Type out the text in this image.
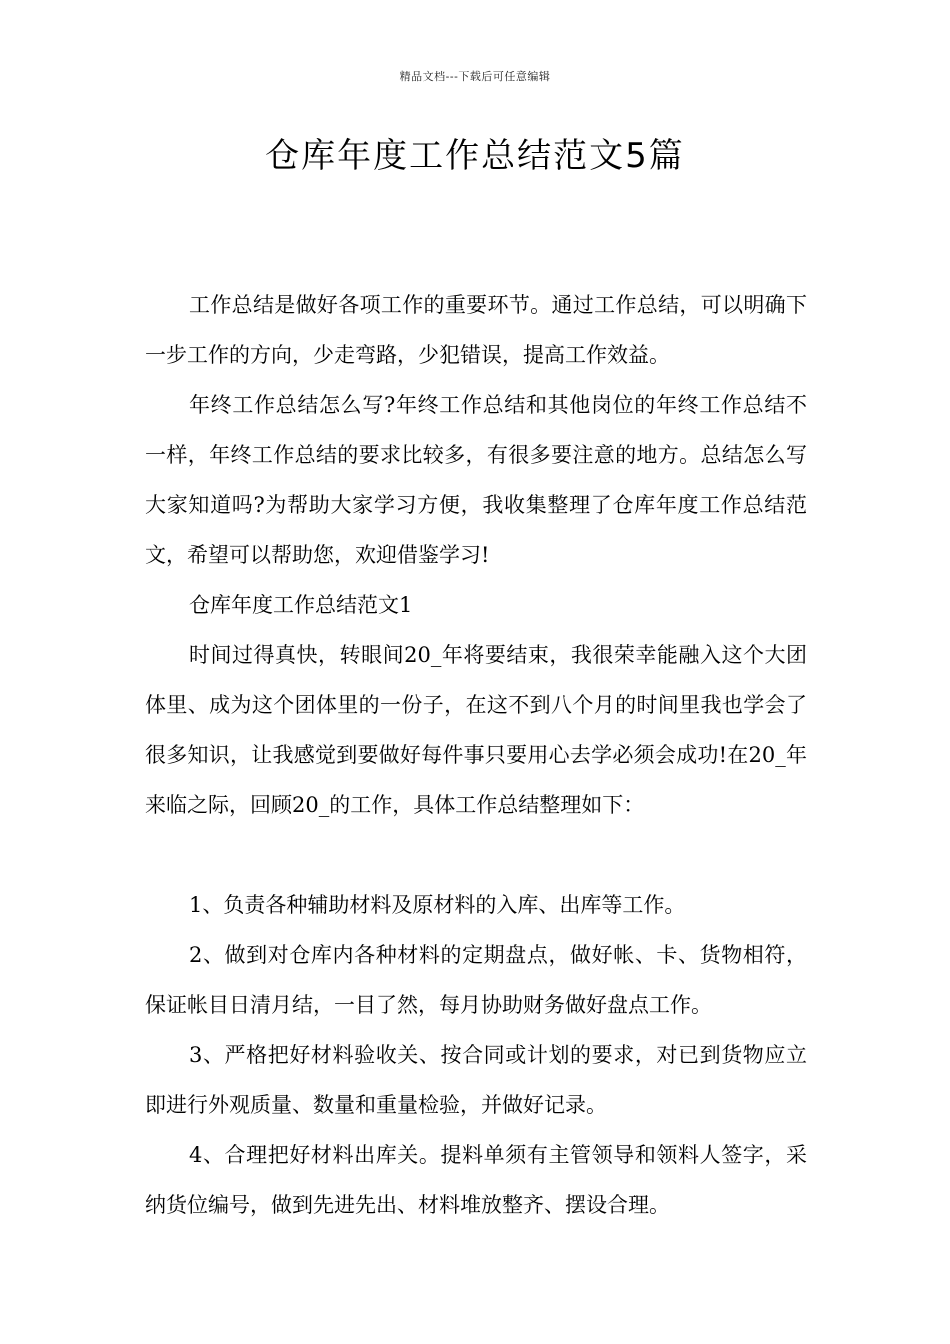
精品文档---下载后可任意编辑
仓库年度工作总结范文5篇

工作总结是做好各项工作的重要环节。通过工作总结，可以明确下一步工作的方向，少走弯路，少犯错误，提高工作效益。

年终工作总结怎么写?年终工作总结和其他岗位的年终工作总结不一样，年终工作总结的要求比较多，有很多要注意的地方。总结怎么写大家知道吗?为帮助大家学习方便，我收集整理了仓库年度工作总结范文，希望可以帮助您，欢迎借鉴学习!

仓库年度工作总结范文1

时间过得真快，转眼间20_年将要结束，我很荣幸能融入这个大团体里、成为这个团体里的一份子，在这不到八个月的时间里我也学会了很多知识，让我感觉到要做好每件事只要用心去学必须会成功!在20_年来临之际，回顾20_的工作，具体工作总结整理如下：

1、负责各种辅助材料及原材料的入库、出库等工作。

2、做到对仓库内各种材料的定期盘点，做好帐、卡、货物相符，保证帐目日清月结，一目了然，每月协助财务做好盘点工作。

3、严格把好材料验收关、按合同或计划的要求，对已到货物应立即进行外观质量、数量和重量检验，并做好记录。

4、合理把好材料出库关。提料单须有主管领导和领料人签字，采纳货位编号，做到先进先出、材料堆放整齐、摆设合理。
